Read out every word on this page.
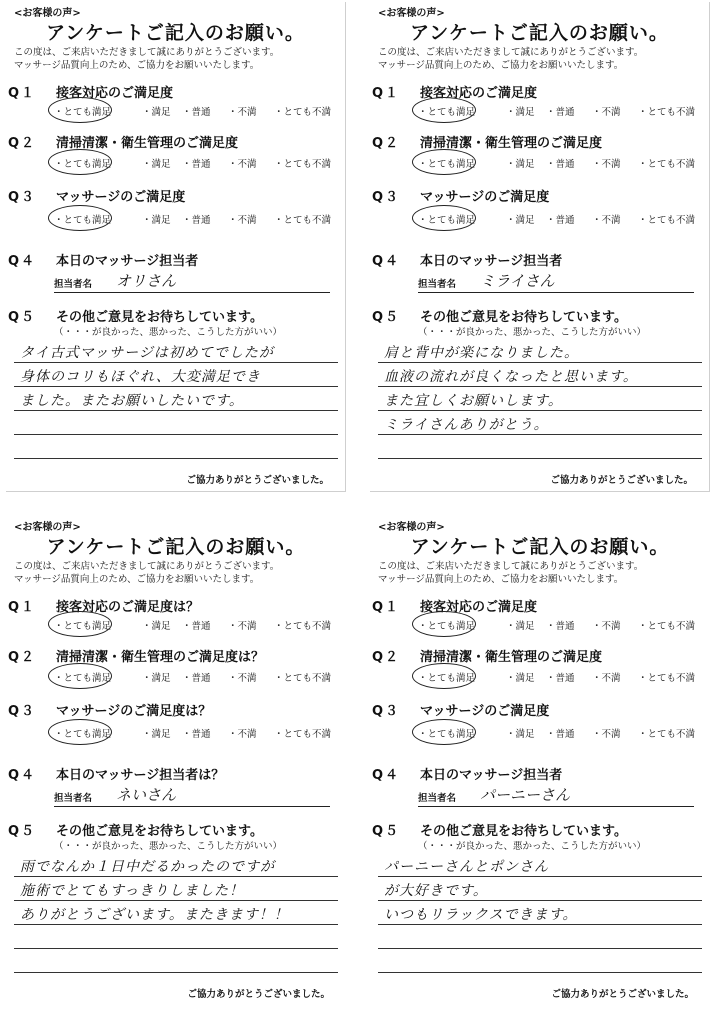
<お客様の声>
アンケートご記入のお願い。
この度は、ご来店いただきまして誠にありがとうございます。
マッサージ品質向上のため、ご協力をお願いいたします。
Q１ 接客対応のご満足度
・とても満足	・満足	・普通	・不満	・とても不満
Q２ 清掃清潔・衛生管理のご満足度
・とても満足	・満足	・普通	・不満	・とても不満
Q３ マッサージのご満足度
・とても満足	・満足	・普通	・不満	・とても不満
Q４ 本日のマッサージ担当者
担当者名 オリさん
Q５ その他ご意見をお待ちしています。
（・・・が良かった、悪かった、こうした方がいい）
タイ古式マッサージは初めてでしたが
身体のコリもほぐれ、大変満足でき
ました。またお願いしたいです。
ご協力ありがとうございました。
<お客様の声>
アンケートご記入のお願い。
この度は、ご来店いただきまして誠にありがとうございます。
マッサージ品質向上のため、ご協力をお願いいたします。
Q１ 接客対応のご満足度
・とても満足	・満足	・普通	・不満	・とても不満
Q２ 清掃清潔・衛生管理のご満足度
・とても満足	・満足	・普通	・不満	・とても不満
Q３ マッサージのご満足度
・とても満足	・満足	・普通	・不満	・とても不満
Q４ 本日のマッサージ担当者
担当者名 ミライさん
Q５ その他ご意見をお待ちしています。
（・・・が良かった、悪かった、こうした方がいい）
肩と背中が楽になりました。
血液の流れが良くなったと思います。
また宜しくお願いします。
ミライさんありがとう。
ご協力ありがとうございました。
<お客様の声>
アンケートご記入のお願い。
この度は、ご来店いただきまして誠にありがとうございます。
マッサージ品質向上のため、ご協力をお願いいたします。
Q１ 接客対応のご満足度は？
・とても満足	・満足	・普通	・不満	・とても不満
Q２ 清掃清潔・衛生管理のご満足度は？
・とても満足	・満足	・普通	・不満	・とても不満
Q３ マッサージのご満足度は？
・とても満足	・満足	・普通	・不満	・とても不満
Q４ 本日のマッサージ担当者は？
担当者名 ネいさん
Q５ その他ご意見をお待ちしています。
（・・・が良かった、悪かった、こうした方がいい）
雨でなんか１日中だるかったのですが
施術でとてもすっきりしました！
ありがとうございます。またきます！！
ご協力ありがとうございました。
<お客様の声>
アンケートご記入のお願い。
この度は、ご来店いただきまして誠にありがとうございます。
マッサージ品質向上のため、ご協力をお願いいたします。
Q１ 接客対応のご満足度
・とても満足	・満足	・普通	・不満	・とても不満
Q２ 清掃清潔・衛生管理のご満足度
・とても満足	・満足	・普通	・不満	・とても不満
Q３ マッサージのご満足度
・とても満足	・満足	・普通	・不満	・とても不満
Q４ 本日のマッサージ担当者
担当者名 パーニーさん
Q５ その他ご意見をお待ちしています。
（・・・が良かった、悪かった、こうした方がいい）
パーニーさんとポンさん
が大好きです。
いつもリラックスできます。
ご協力ありがとうございました。
